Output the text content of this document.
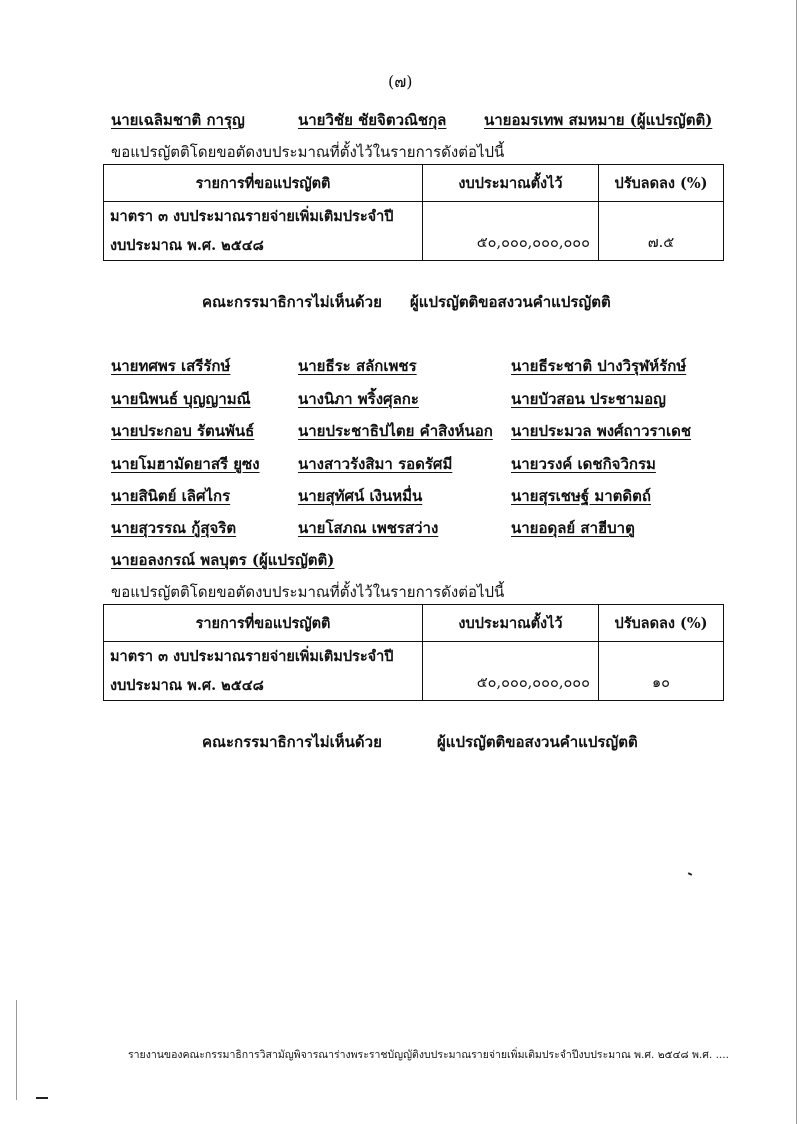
(๗)
นายเฉลิมชาติ การุญ	นายวิชัย ชัยจิตวณิชกุล	นายอมรเทพ สมหมาย (ผู้แปรญัตติ)
ขอแปรญัตติโดยขอตัดงบประมาณที่ตั้งไว้ในรายการดังต่อไปนี้
รายการที่ขอแปรญัตติ	งบประมาณตั้งไว้	ปรับลดลง (%)

มาตรา ๓ งบประมาณรายจ่ายเพิ่มเติมประจำปี
งบประมาณ พ.ศ. ๒๕๔๘	๕๐,๐๐๐,๐๐๐,๐๐๐	๗.๕
คณะกรรมาธิการไม่เห็นด้วย ผู้แปรญัตติขอสงวนคำแปรญัตติ
นายทศพร เสรีรักษ์	นายธีระ สลักเพชร	นายธีระชาติ ปางวิรุฬห์รักษ์
นายนิพนธ์ บุญญามณี	นางนิภา พริ้งศุลกะ	นายบัวสอน ประชามอญ
นายประกอบ รัตนพันธ์	นายประชาธิปไตย คำสิงห์นอก นายประมวล พงศ์ถาวราเดช
นายโมฮามัดยาสรี ยูซง	นางสาวรังสิมา รอดรัศมี	นายวรงค์ เดชกิจวิกรม
นายสินิตย์ เลิศไกร	นายสุทัศน์ เงินหมื่น	นายสุรเชษฐ์ มาตดิตถ์
นายสุวรรณ กู้สุจริต	นายโสภณ เพชรสว่าง	นายอดุลย์ สาฮีบาตู
นายอลงกรณ์ พลบุตร (ผู้แปรญัตติ)
ขอแปรญัตติโดยขอตัดงบประมาณที่ตั้งไว้ในรายการดังต่อไปนี้
รายการที่ขอแปรญัตติ	งบประมาณตั้งไว้	ปรับลดลง (%)

มาตรา ๓ งบประมาณรายจ่ายเพิ่มเติมประจำปี
งบประมาณ พ.ศ. ๒๕๔๘	๕๐,๐๐๐,๐๐๐,๐๐๐	๑๐
คณะกรรมาธิการไม่เห็นด้วย	ผู้แปรญัตติขอสงวนคำแปรญัตติ
รายงานของคณะกรรมาธิการวิสามัญพิจารณาร่างพระราชบัญญัติงบประมาณรายจ่ายเพิ่มเติมประจำปีงบประมาณ พ.ศ. ๒๕๔๘ พ.ศ. ....
